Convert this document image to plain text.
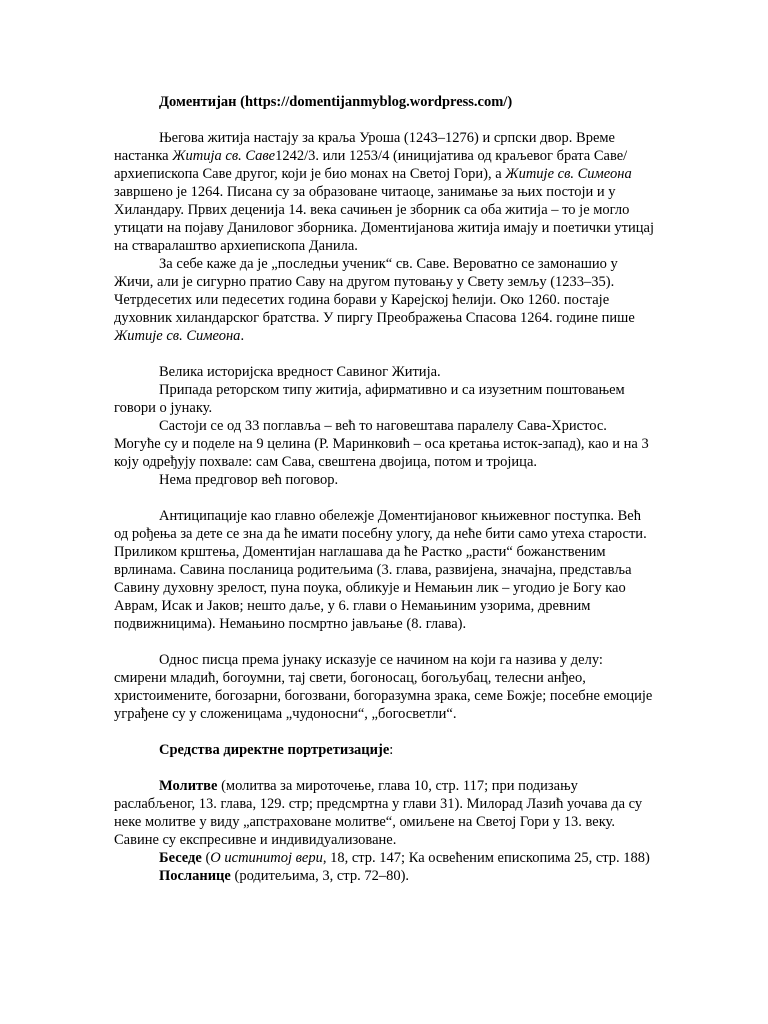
Доментијан (https://domentijanmyblog.wordpress.com/)

Његова житија настају за краља Уроша (1243–1276) и српски двор. Време настанка Житија св. Саве1242/3. или 1253/4 (иницијатива од краљевог брата Саве/архиепископа Саве другог, који је био монах на Светој Гори), а Житије св. Симеона завршено је 1264. Писана су за образоване читаоце, занимање за њих постоји и у Хиландару. Првих деценија 14. века сачињен је зборник са оба житија – то је могло утицати на појаву Даниловог зборника. Доментијанова житија имају и поетички утицај на стваралаштво архиепископа Данила.

За себе каже да је „последњи ученик“ св. Саве. Вероватно се замонашио у Жичи, али је сигурно пратио Саву на другом путовању у Свету земљу (1233–35). Четрдесетих или педесетих година борави у Карејској ћелији. Око 1260. постаје духовник хиландарског братства. У пиргу Преображења Спасова 1264. године пише Житије св. Симеона.

Велика историјска вредност Савиног Житија.

Припада реторском типу житија, афирмативно и са изузетним поштовањем говори о јунаку.

Састоји се од 33 поглавља – већ то наговештава паралелу Сава-Христос. Могуће су и поделе на 9 целина (Р. Маринковић – оса кретања исток-запад), као и на 3 коју одређују похвале: сам Сава, свештена двојица, потом и тројица.

Нема предговор већ поговор.

Антиципације као главно обележје Доментијановог књижевног поступка. Већ од рођења за дете се зна да ће имати посебну улогу, да неће бити само утеха старости. Приликом крштења, Доментијан наглашава да ће Растко „расти“ божанственим врлинама. Савина посланица родитељима (3. глава, развијена, значајна, представља Савину духовну зрелост, пуна поука, обликује и Немањин лик – угодио је Богу као Аврам, Исак и Јаков; нешто даље, у 6. глави о Немањиним узорима, древним подвижницима). Немањино посмртно јављање (8. глава).

Однос писца према јунаку исказује се начином на који га назива у делу: смирени младић, богоумни, тај свети, богоносац, богољубац, телесни анђео, христоимените, богозарни, богозвани, богоразумна зрака, семе Божје; посебне емоције уграђене су у сложеницама „чудоносни“, „богосветли“.

Средства директне портретизације:

Молитве (молитва за мироточење, глава 10, стр. 117; при подизању раслабљеног, 13. глава, 129. стр; предсмртна у глави 31). Милорад Лазић уочава да су неке молитве у виду „апстраховане молитве“, омиљене на Светој Гори у 13. веку. Савине су експресивне и индивидуализоване.

Беседе (О истинитој вери, 18, стр. 147; Ка освећеним епископима 25, стр. 188)

Посланице (родитељима, 3, стр. 72–80).
